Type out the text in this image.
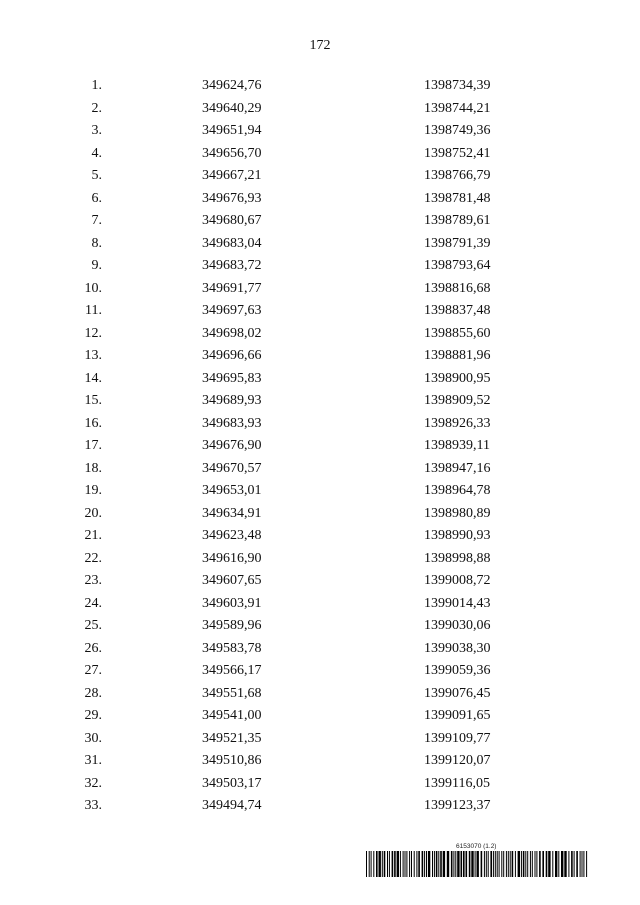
172
1.	349624,76	1398734,39
2.	349640,29	1398744,21
3.	349651,94	1398749,36
4.	349656,70	1398752,41
5.	349667,21	1398766,79
6.	349676,93	1398781,48
7.	349680,67	1398789,61
8.	349683,04	1398791,39
9.	349683,72	1398793,64
10.	349691,77	1398816,68
11.	349697,63	1398837,48
12.	349698,02	1398855,60
13.	349696,66	1398881,96
14.	349695,83	1398900,95
15.	349689,93	1398909,52
16.	349683,93	1398926,33
17.	349676,90	1398939,11
18.	349670,57	1398947,16
19.	349653,01	1398964,78
20.	349634,91	1398980,89
21.	349623,48	1398990,93
22.	349616,90	1398998,88
23.	349607,65	1399008,72
24.	349603,91	1399014,43
25.	349589,96	1399030,06
26.	349583,78	1399038,30
27.	349566,17	1399059,36
28.	349551,68	1399076,45
29.	349541,00	1399091,65
30.	349521,35	1399109,77
31.	349510,86	1399120,07
32.	349503,17	1399116,05
33.	349494,74	1399123,37
6153070 (1.2)
